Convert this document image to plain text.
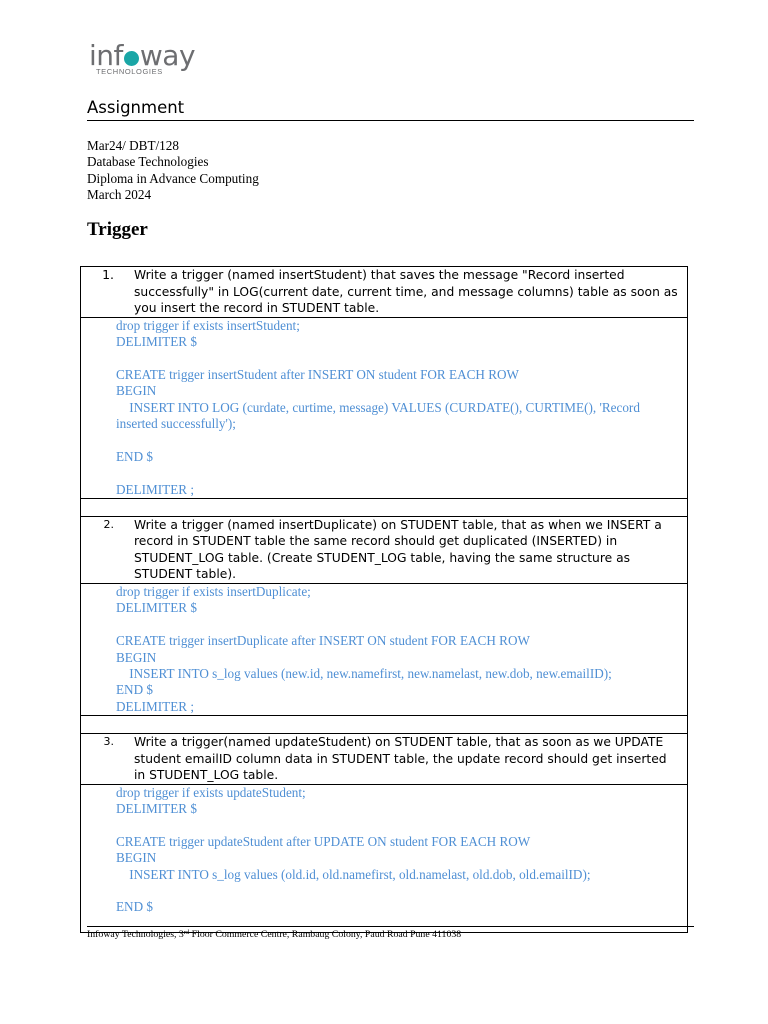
inf way
TECHNOLOGIES
Assignment
Mar24/ DBT/128
Database Technologies
Diploma in Advance Computing
March 2024
Trigger
1.	Write a trigger (named insertStudent) that saves the message "Record inserted successfully" in LOG(current date, current time, and message columns) table as soon as you insert the record in STUDENT table.

drop trigger if exists insertStudent;
DELIMITER $
CREATE trigger insertStudent after INSERT ON student FOR EACH ROW
BEGIN
INSERT INTO LOG (curdate, curtime, message) VALUES (CURDATE(), CURTIME(), 'Record inserted successfully');
END $
DELIMITER ;

2.	Write a trigger (named insertDuplicate) on STUDENT table, that as when we INSERT a record in STUDENT table the same record should get duplicated (INSERTED) in STUDENT_LOG table. (Create STUDENT_LOG table, having the same structure as STUDENT table).

drop trigger if exists insertDuplicate;
DELIMITER $
CREATE trigger insertDuplicate after INSERT ON student FOR EACH ROW
BEGIN
INSERT INTO s_log values (new.id, new.namefirst, new.namelast, new.dob, new.emailID);
END $
DELIMITER ;

3.	Write a trigger(named updateStudent) on STUDENT table, that as soon as we UPDATE student emailID column data in STUDENT table, the update record should get inserted in STUDENT_LOG table.

drop trigger if exists updateStudent;
DELIMITER $
CREATE trigger updateStudent after UPDATE ON student FOR EACH ROW
BEGIN
INSERT INTO s_log values (old.id, old.namefirst, old.namelast, old.dob, old.emailID);
END $
Infoway Technologies, 3rd Floor Commerce Centre, Rambaug Colony, Paud Road Pune 411038
